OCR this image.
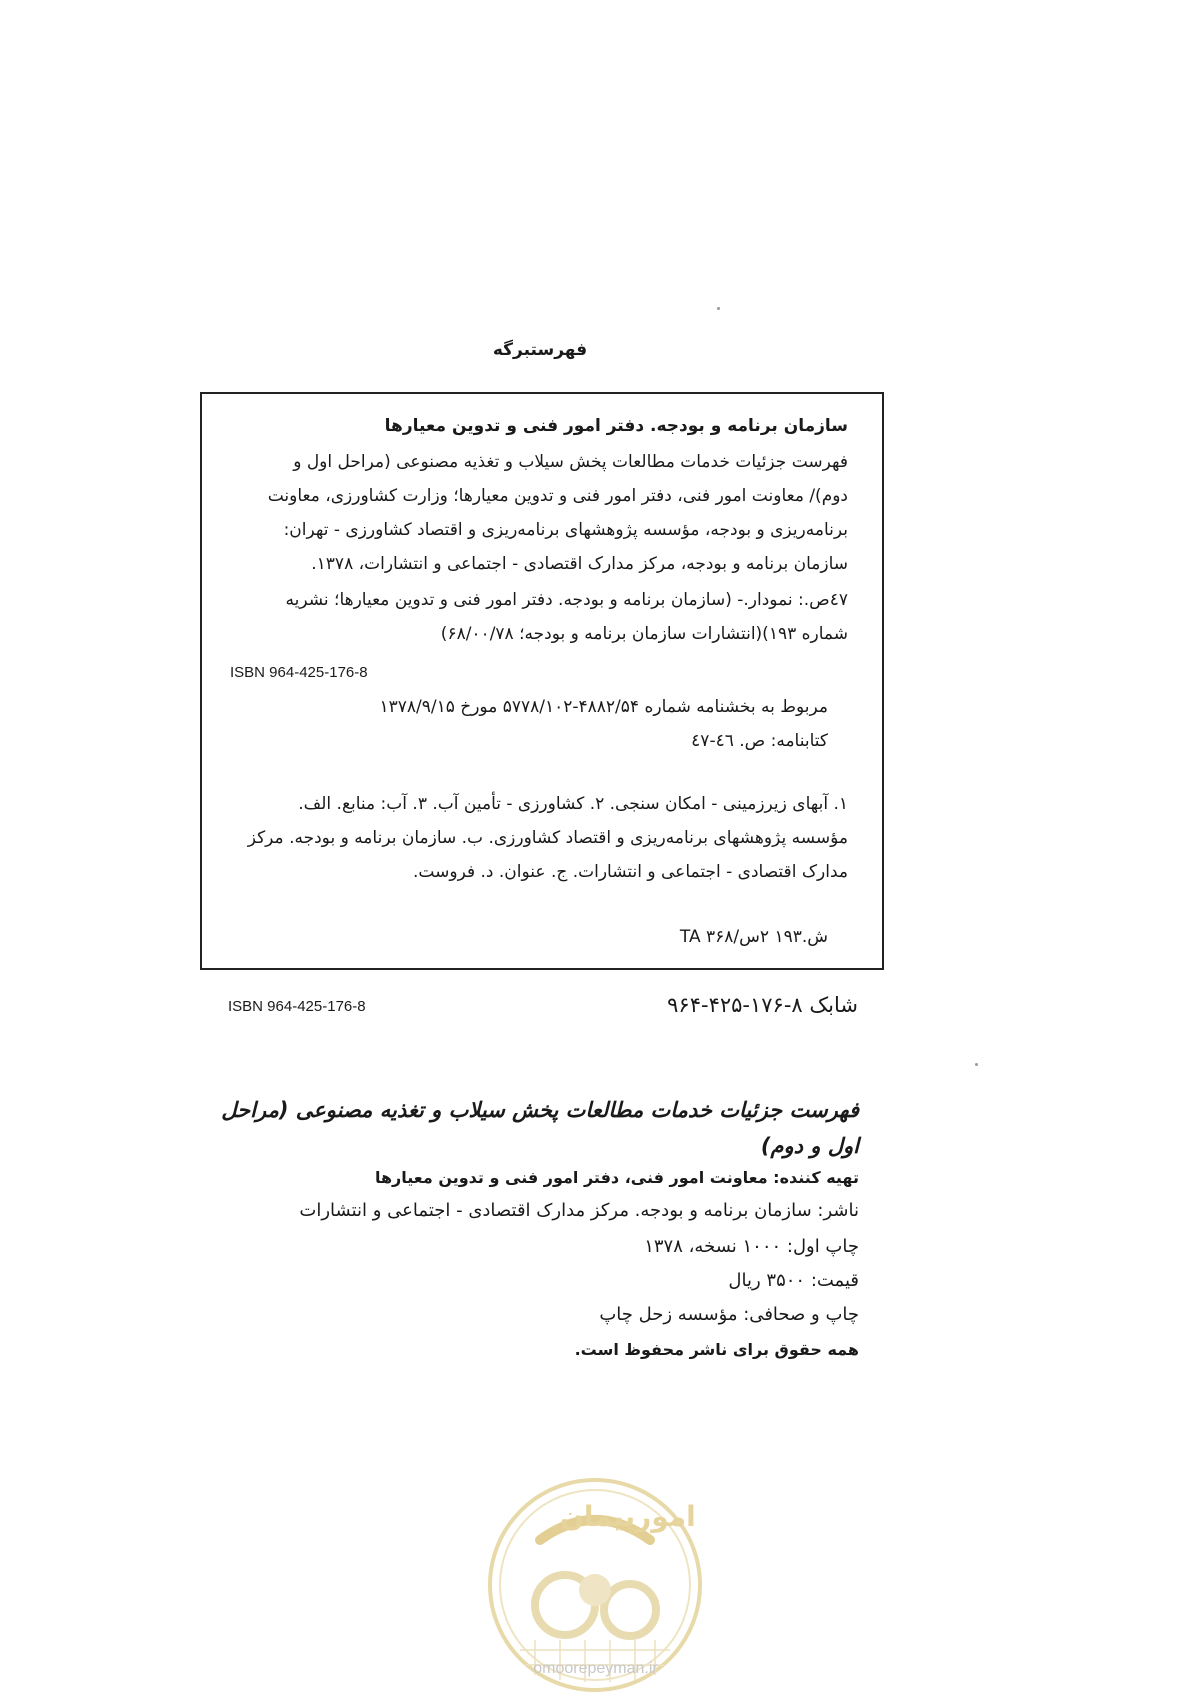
فهرستبرگه
سازمان برنامه و بودجه. دفتر امور فنی و تدوین معیارها
فهرست جزئیات خدمات مطالعات پخش سیلاب و تغذیه مصنوعی (مراحل اول و
دوم)/ معاونت امور فنی، دفتر امور فنی و تدوین معیارها؛ وزارت کشاورزی، معاونت
برنامه‌ریزی و بودجه، مؤسسه پژوهشهای برنامه‌ریزی و اقتصاد کشاورزی - تهران:
سازمان برنامه و بودجه، مرکز مدارک اقتصادی - اجتماعی و انتشارات، ۱۳۷۸.
٤٧ص.: نمودار.- (سازمان برنامه و بودجه. دفتر امور فنی و تدوین معیارها؛ نشریه
شماره ۱۹۳)(انتشارات سازمان برنامه و بودجه؛ ۶۸/۰۰/۷۸)
ISBN 964-425-176-8
مربوط به بخشنامه شماره ۴۸۸۲/۵۴-۵۷۷۸/۱۰۲ مورخ ۱۳۷۸/۹/۱۵
کتابنامه: ص. ٤٦-٤٧
۱. آبهای زیرزمینی - امکان سنجی. ۲. کشاورزی - تأمین آب. ۳. آب: منابع. الف.
مؤسسه پژوهشهای برنامه‌ریزی و اقتصاد کشاورزی. ب. سازمان برنامه و بودجه. مرکز
مدارک اقتصادی - اجتماعی و انتشارات. ج. عنوان. د. فروست.
ش.۱۹۳ ۲س/۳۶۸ TA
ISBN 964-425-176-8	شابک ۸-۱۷۶-۴۲۵-۹۶۴
فهرست جزئیات خدمات مطالعات پخش سیلاب و تغذیه مصنوعی (مراحل
اول و دوم)
تهیه کننده: معاونت امور فنی، دفتر امور فنی و تدوین معیارها
ناشر: سازمان برنامه و بودجه. مرکز مدارک اقتصادی - اجتماعی و انتشارات
چاپ اول: ۱۰۰۰ نسخه، ۱۳۷۸
قیمت: ۳۵۰۰ ریال
چاپ و صحافی: مؤسسه زحل چاپ
همه حقوق برای ناشر محفوظ است.
امورپیمان
omoorepeyman.ir
